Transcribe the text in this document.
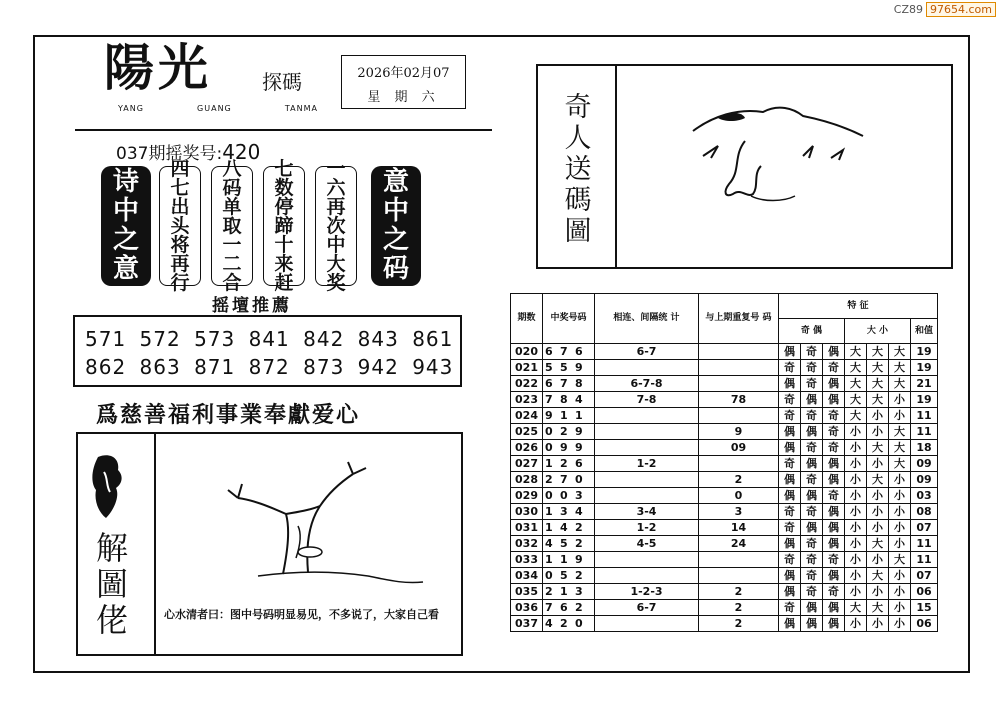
CZ89 97654.com
陽光	探碼
YANG	GUANG	TANMA
2026年02月07
星 期 六
037期摇奖号:420
诗
中
之
意
四
七
出
头
将
再
行
八
码
单
取
一
二
合
七
数
停
蹄
十
来
赶
一
六
再
次
中
大
奖
意
中
之
码
摇壇推薦
571 572 573 841 842 843 861
862 863 871 872 873 942 943
爲慈善福利事業奉獻爱心
解
圖
佬	心水清者曰：图中号码明显易见，不多说了，大家自己看
奇
人
送
碼
圖
期数	中奖号码	相连、间隔统 计	与上期重复号 码	特 征						
				奇 偶			大 小			和值
020	6 7 6	6-7		偶	奇	偶	大	大	大	19
021	5 5 9			奇	奇	奇	大	大	大	19
022	6 7 8	6-7-8		偶	奇	偶	大	大	大	21
023	7 8 4	7-8	78	奇	偶	偶	大	大	小	19
024	9 1 1			奇	奇	奇	大	小	小	11
025	0 2 9		9	偶	偶	奇	小	小	大	11
026	0 9 9		09	偶	奇	奇	小	大	大	18
027	1 2 6	1-2		奇	偶	偶	小	小	大	09
028	2 7 0		2	偶	奇	偶	小	大	小	09
029	0 0 3		0	偶	偶	奇	小	小	小	03
030	1 3 4	3-4	3	奇	奇	偶	小	小	小	08
031	1 4 2	1-2	14	奇	偶	偶	小	小	小	07
032	4 5 2	4-5	24	偶	奇	偶	小	大	小	11
033	1 1 9			奇	奇	奇	小	小	大	11
034	0 5 2			偶	奇	偶	小	大	小	07
035	2 1 3	1-2-3	2	偶	奇	奇	小	小	小	06
036	7 6 2	6-7	2	奇	偶	偶	大	大	小	15
037	4 2 0		2	偶	偶	偶	小	小	小	06
